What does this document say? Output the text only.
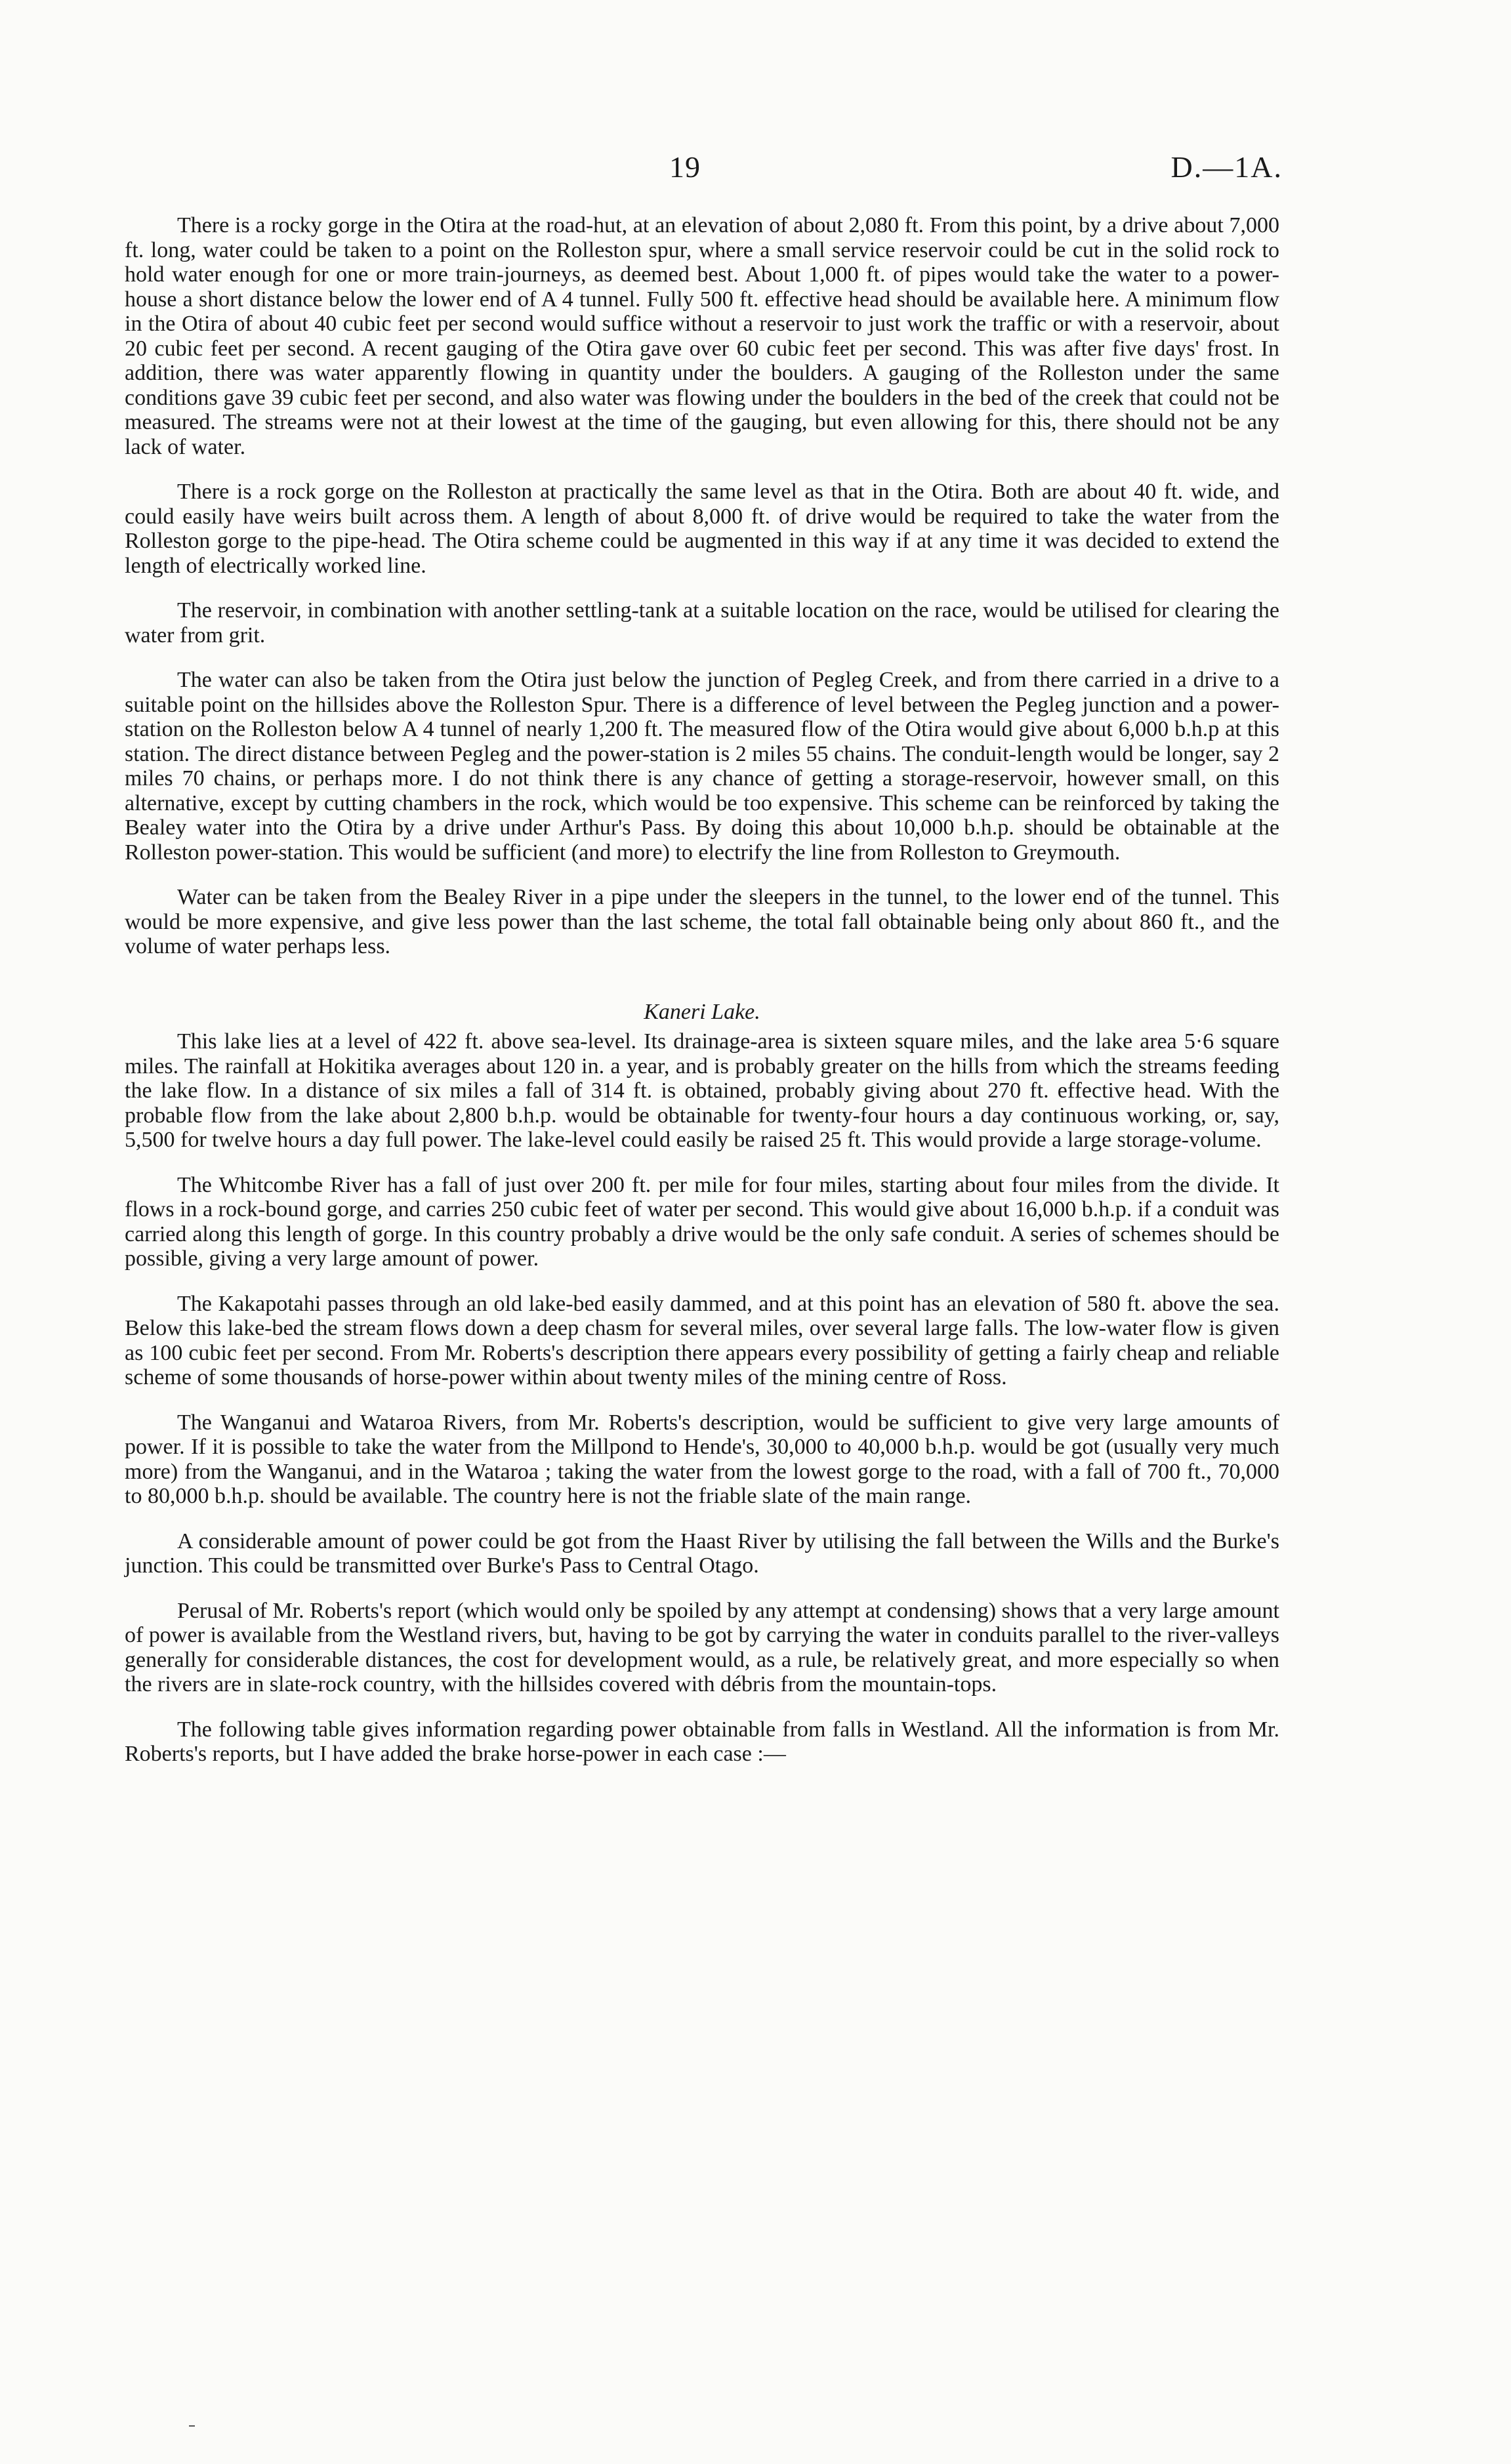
19	D.—1A.

There is a rocky gorge in the Otira at the road-hut, at an elevation of about 2,080 ft. From this point, by a drive about 7,000 ft. long, water could be taken to a point on the Rolleston spur, where a small service reservoir could be cut in the solid rock to hold water enough for one or more train-journeys, as deemed best. About 1,000 ft. of pipes would take the water to a power-house a short distance below the lower end of A 4 tunnel. Fully 500 ft. effective head should be available here. A minimum flow in the Otira of about 40 cubic feet per second would suffice without a reservoir to just work the traffic or with a reservoir, about 20 cubic feet per second. A recent gauging of the Otira gave over 60 cubic feet per second. This was after five days' frost. In addition, there was water apparently flowing in quantity under the boulders. A gauging of the Rolleston under the same conditions gave 39 cubic feet per second, and also water was flowing under the boulders in the bed of the creek that could not be measured. The streams were not at their lowest at the time of the gauging, but even allowing for this, there should not be any lack of water.

There is a rock gorge on the Rolleston at practically the same level as that in the Otira. Both are about 40 ft. wide, and could easily have weirs built across them. A length of about 8,000 ft. of drive would be required to take the water from the Rolleston gorge to the pipe-head. The Otira scheme could be augmented in this way if at any time it was decided to extend the length of electrically worked line.

The reservoir, in combination with another settling-tank at a suitable location on the race, would be utilised for clearing the water from grit.

The water can also be taken from the Otira just below the junction of Pegleg Creek, and from there carried in a drive to a suitable point on the hillsides above the Rolleston Spur. There is a difference of level between the Pegleg junction and a power-station on the Rolleston below A 4 tunnel of nearly 1,200 ft. The measured flow of the Otira would give about 6,000 b.h.p at this station. The direct distance between Pegleg and the power-station is 2 miles 55 chains. The conduit-length would be longer, say 2 miles 70 chains, or perhaps more. I do not think there is any chance of getting a storage-reservoir, however small, on this alternative, except by cutting chambers in the rock, which would be too expensive. This scheme can be reinforced by taking the Bealey water into the Otira by a drive under Arthur's Pass. By doing this about 10,000 b.h.p. should be obtainable at the Rolleston power-station. This would be sufficient (and more) to electrify the line from Rolleston to Greymouth.

Water can be taken from the Bealey River in a pipe under the sleepers in the tunnel, to the lower end of the tunnel. This would be more expensive, and give less power than the last scheme, the total fall obtainable being only about 860 ft., and the volume of water perhaps less.

Kaneri Lake.

This lake lies at a level of 422 ft. above sea-level. Its drainage-area is sixteen square miles, and the lake area 5·6 square miles. The rainfall at Hokitika averages about 120 in. a year, and is probably greater on the hills from which the streams feeding the lake flow. In a distance of six miles a fall of 314 ft. is obtained, probably giving about 270 ft. effective head. With the probable flow from the lake about 2,800 b.h.p. would be obtainable for twenty-four hours a day continuous working, or, say, 5,500 for twelve hours a day full power. The lake-level could easily be raised 25 ft. This would provide a large storage-volume.

The Whitcombe River has a fall of just over 200 ft. per mile for four miles, starting about four miles from the divide. It flows in a rock-bound gorge, and carries 250 cubic feet of water per second. This would give about 16,000 b.h.p. if a conduit was carried along this length of gorge. In this country probably a drive would be the only safe conduit. A series of schemes should be possible, giving a very large amount of power.

The Kakapotahi passes through an old lake-bed easily dammed, and at this point has an elevation of 580 ft. above the sea. Below this lake-bed the stream flows down a deep chasm for several miles, over several large falls. The low-water flow is given as 100 cubic feet per second. From Mr. Roberts's description there appears every possibility of getting a fairly cheap and reliable scheme of some thousands of horse-power within about twenty miles of the mining centre of Ross.

The Wanganui and Wataroa Rivers, from Mr. Roberts's description, would be sufficient to give very large amounts of power. If it is possible to take the water from the Millpond to Hende's, 30,000 to 40,000 b.h.p. would be got (usually very much more) from the Wanganui, and in the Wataroa ; taking the water from the lowest gorge to the road, with a fall of 700 ft., 70,000 to 80,000 b.h.p. should be available. The country here is not the friable slate of the main range.

A considerable amount of power could be got from the Haast River by utilising the fall between the Wills and the Burke's junction. This could be transmitted over Burke's Pass to Central Otago.

Perusal of Mr. Roberts's report (which would only be spoiled by any attempt at condensing) shows that a very large amount of power is available from the Westland rivers, but, having to be got by carrying the water in conduits parallel to the river-valleys generally for considerable distances, the cost for development would, as a rule, be relatively great, and more especially so when the rivers are in slate-rock country, with the hillsides covered with débris from the mountain-tops.

The following table gives information regarding power obtainable from falls in Westland. All the information is from Mr. Roberts's reports, but I have added the brake horse-power in each case :—
